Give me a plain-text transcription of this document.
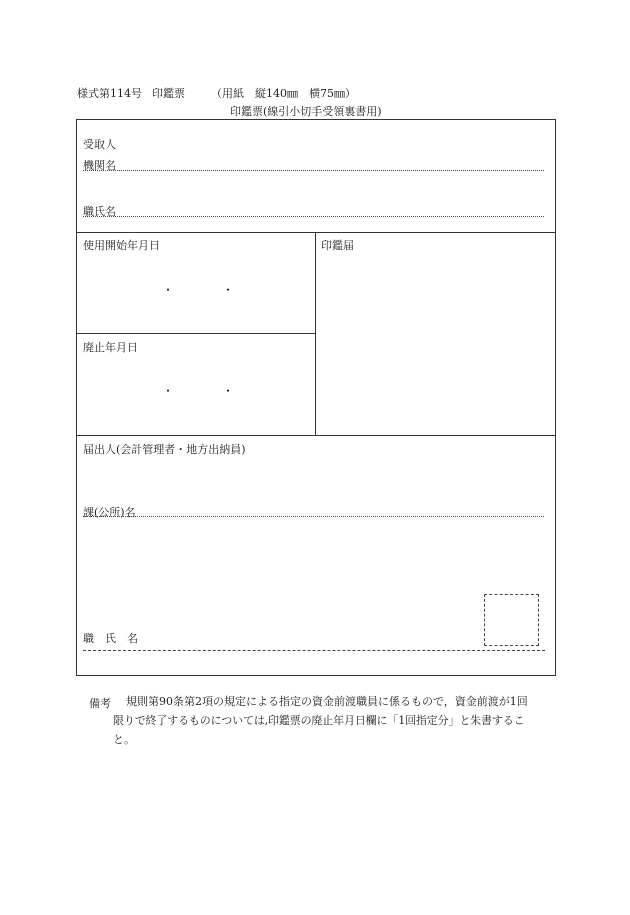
様式第114号 印鑑票 （用紙　縦140㎜　横75㎜）
印鑑票(線引小切手受領裏書用)
受取人
機関名
職氏名
使用開始年月日
・	・
印鑑届
廃止年月日
・	・
届出人(会計管理者・地方出納員)
課(公所)名
職　氏　名
備考 規則第90条第2項の規定による指定の資金前渡職員に係るもので，資金前渡が1回
限りで終了するものについては,印鑑票の廃止年月日欄に「1回指定分」と朱書するこ
と。
